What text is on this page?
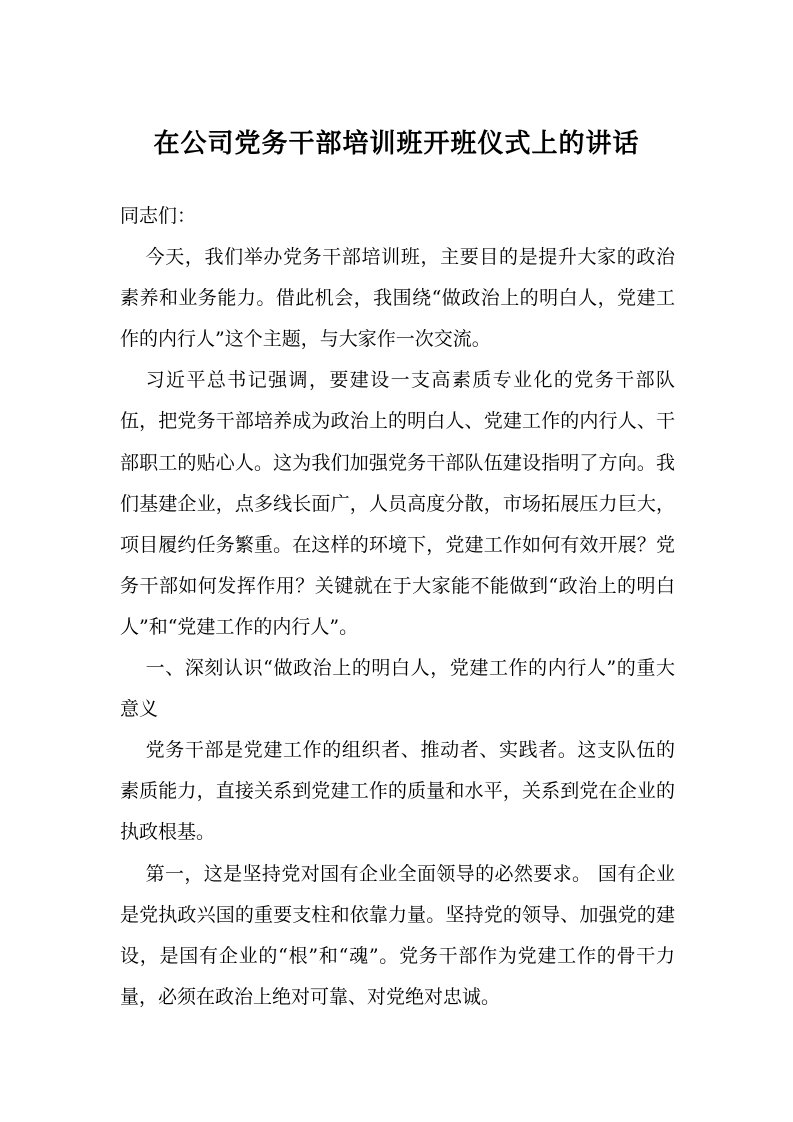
在公司党务干部培训班开班仪式上的讲话

同志们：

今天，我们举办党务干部培训班，主要目的是提升大家的政治素养和业务能力。借此机会，我围绕“做政治上的明白人，党建工作的内行人”这个主题，与大家作一次交流。

习近平总书记强调，要建设一支高素质专业化的党务干部队伍，把党务干部培养成为政治上的明白人、党建工作的内行人、干部职工的贴心人。这为我们加强党务干部队伍建设指明了方向。我们基建企业，点多线长面广，人员高度分散，市场拓展压力巨大，项目履约任务繁重。在这样的环境下，党建工作如何有效开展？党务干部如何发挥作用？关键就在于大家能不能做到“政治上的明白人”和“党建工作的内行人”。

一、深刻认识“做政治上的明白人，党建工作的内行人”的重大意义

党务干部是党建工作的组织者、推动者、实践者。这支队伍的素质能力，直接关系到党建工作的质量和水平，关系到党在企业的执政根基。

第一，这是坚持党对国有企业全面领导的必然要求。 国有企业是党执政兴国的重要支柱和依靠力量。坚持党的领导、加强党的建设，是国有企业的“根”和“魂”。党务干部作为党建工作的骨干力量，必须在政治上绝对可靠、对党绝对忠诚。
